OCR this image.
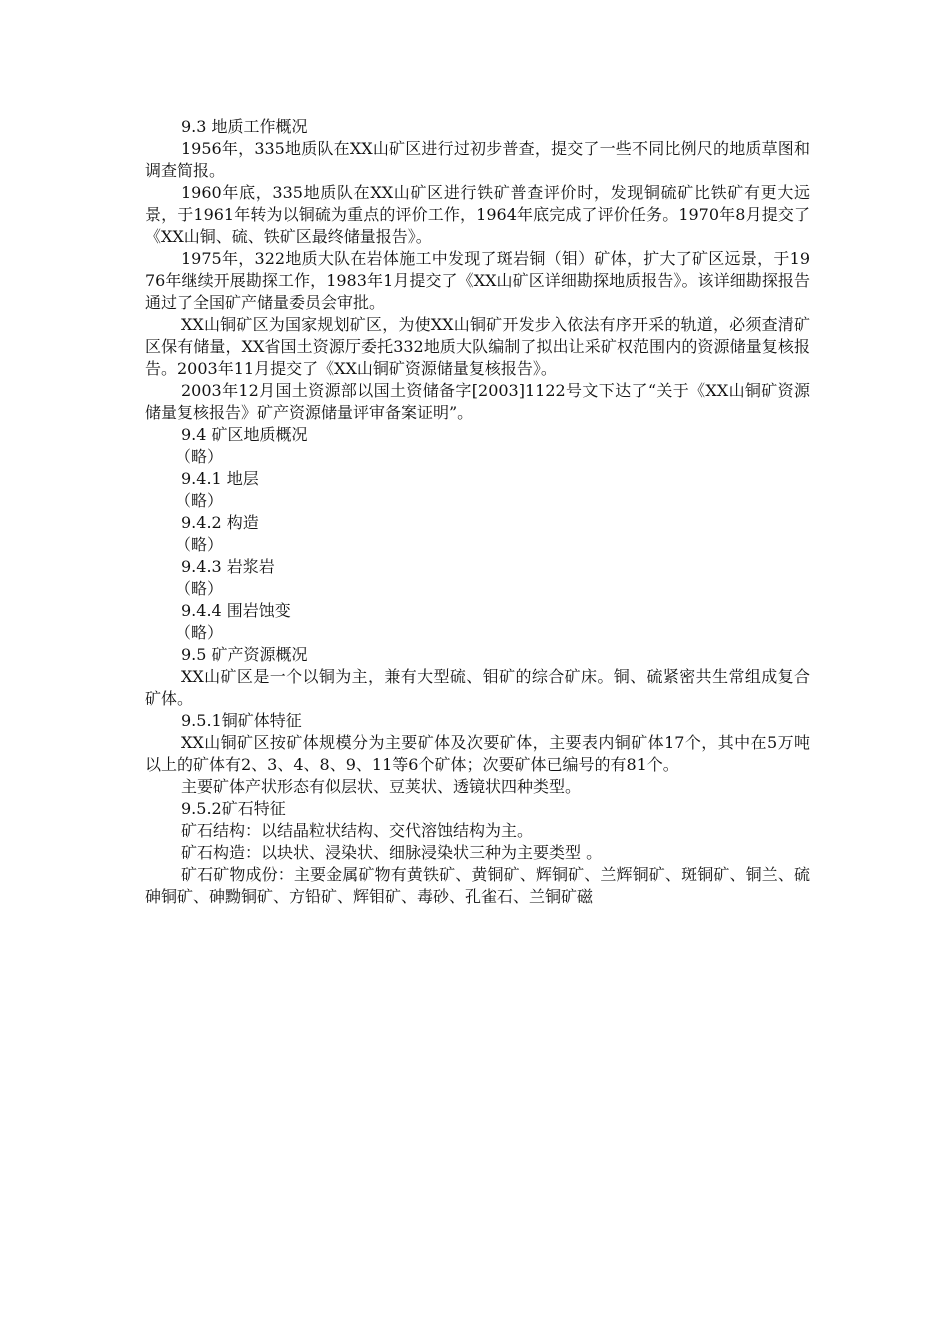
9.3 地质工作概况

1956年，335地质队在XX山矿区进行过初步普查，提交了一些不同比例尺的地质草图和调查简报。

1960年底，335地质队在XX山矿区进行铁矿普查评价时，发现铜硫矿比铁矿有更大远景，于1961年转为以铜硫为重点的评价工作，1964年底完成了评价任务。1970年8月提交了《XX山铜、硫、铁矿区最终储量报告》。

1975年，322地质大队在岩体施工中发现了斑岩铜（钼）矿体，扩大了矿区远景，于1976年继续开展勘探工作，1983年1月提交了《XX山矿区详细勘探地质报告》。该详细勘探报告通过了全国矿产储量委员会审批。

XX山铜矿区为国家规划矿区，为使XX山铜矿开发步入依法有序开采的轨道，必须查清矿区保有储量，XX省国土资源厅委托332地质大队编制了拟出让采矿权范围内的资源储量复核报告。2003年11月提交了《XX山铜矿资源储量复核报告》。

2003年12月国土资源部以国土资储备字[2003]1122号文下达了“关于《XX山铜矿资源储量复核报告》矿产资源储量评审备案证明”。

9.4 矿区地质概况

（略）

9.4.1 地层

（略）

9.4.2 构造

（略）

9.4.3 岩浆岩

（略）

9.4.4 围岩蚀变

（略）

9.5 矿产资源概况

XX山矿区是一个以铜为主，兼有大型硫、钼矿的综合矿床。铜、硫紧密共生常组成复合矿体。

9.5.1铜矿体特征

XX山铜矿区按矿体规模分为主要矿体及次要矿体，主要表内铜矿体17个，其中在5万吨以上的矿体有2、3、4、8、9、11等6个矿体；次要矿体已编号的有81个。

主要矿体产状形态有似层状、豆荚状、透镜状四种类型。

9.5.2矿石特征

矿石结构：以结晶粒状结构、交代溶蚀结构为主。

矿石构造：以块状、浸染状、细脉浸染状三种为主要类型 。

矿石矿物成份：主要金属矿物有黄铁矿、黄铜矿、辉铜矿、兰辉铜矿、斑铜矿、铜兰、硫砷铜矿、砷黝铜矿、方铅矿、辉钼矿、毒砂、孔雀石、兰铜矿磁
